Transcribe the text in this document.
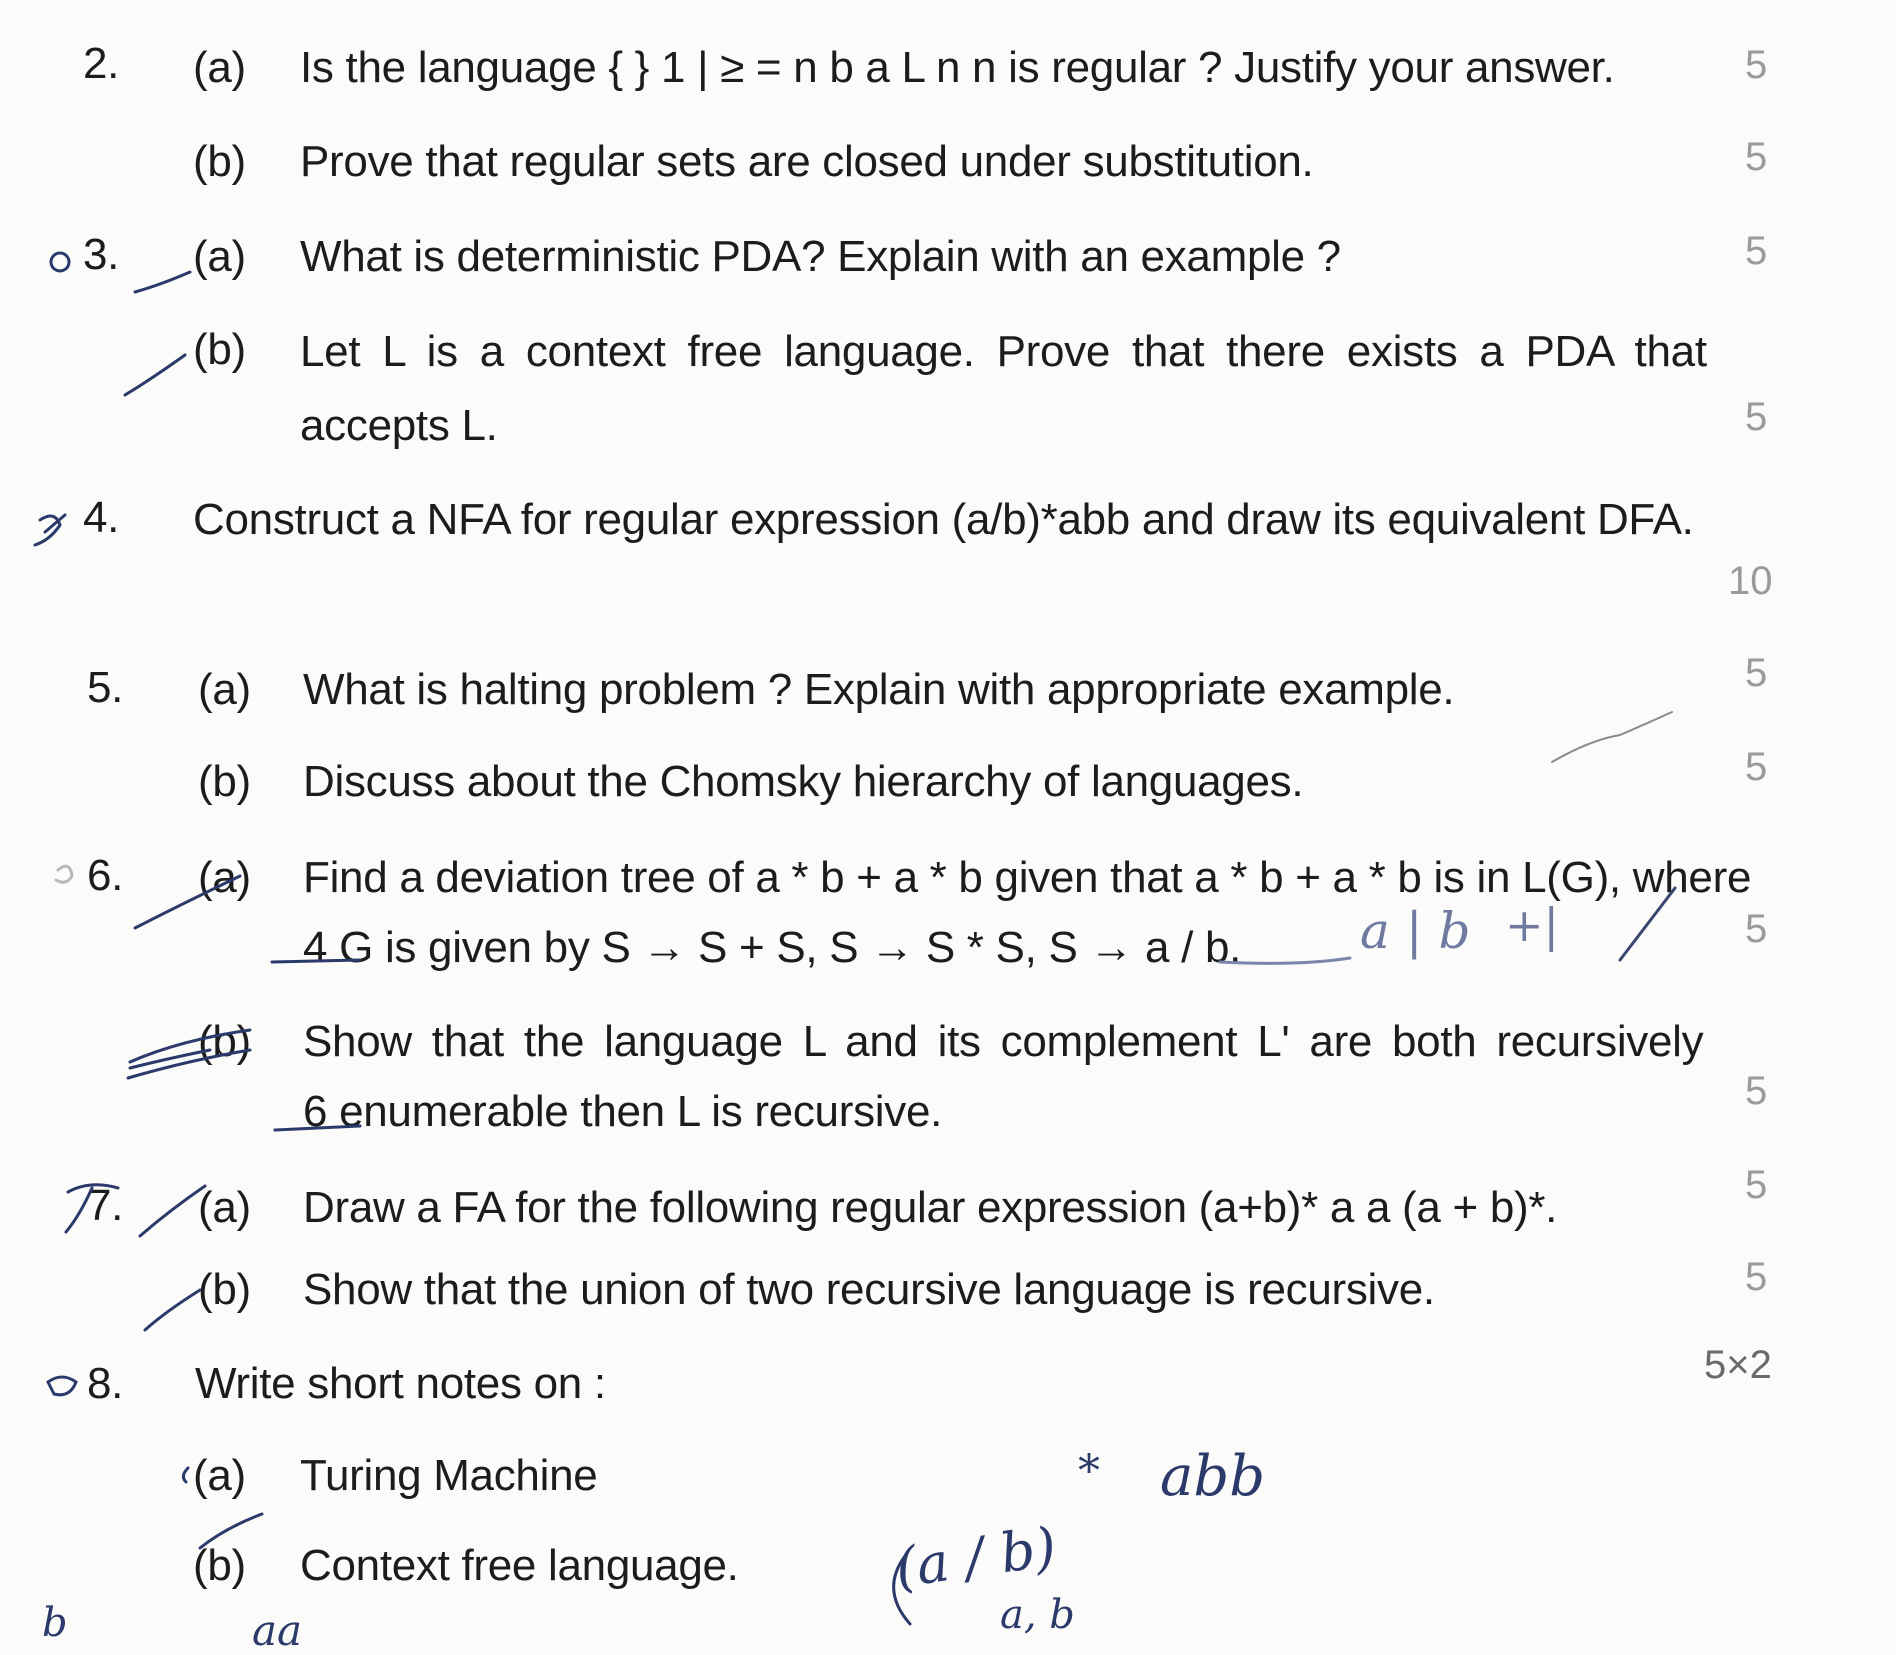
2. (a) Is the language { } 1 | ≥ = n b a L n n is regular ? Justify your answer.	5
(b) Prove that regular sets are closed under substitution.	5
3. (a) What is deterministic PDA? Explain with an example ?	5
(b) Let L is a context free language. Prove that there exists a PDA that
accepts L.	5
4. Construct a NFA for regular expression (a/b)*abb and draw its equivalent DFA.
10
5. (a) What is halting problem ? Explain with appropriate example.	5
(b) Discuss about the Chomsky hierarchy of languages.	5
6. (a) Find a deviation tree of a * b + a * b given that a * b + a * b is in L(G), where
4 G is given by S → S + S, S → S * S, S → a / b.	5
(b) Show that the language L and its complement L' are both recursively
6 enumerable then L is recursive.	5
7. (a) Draw a FA for the following regular expression (a+b)* a a (a + b)*.	5
(b) Show that the union of two recursive language is recursive.	5
8. Write short notes on :	5×2
(a) Turing Machine
(b) Context free language.
a | b +|
* abb
(a / b)
a, b
b	aa
